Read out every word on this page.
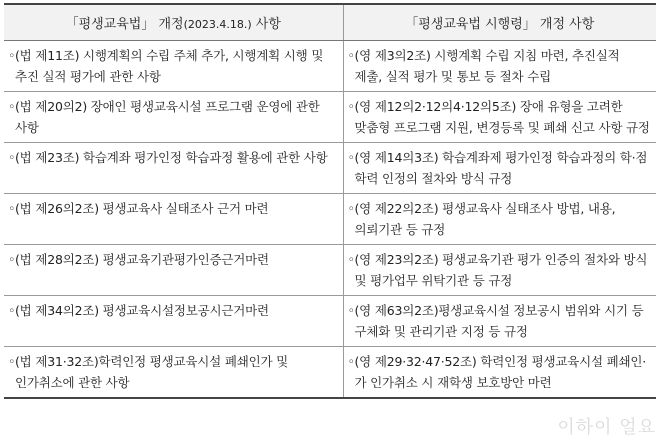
「평생교육법」 개정(2023.4.18.) 사항	「평생교육법 시행령」 개정 사항

◦ (법 제11조) 시행계획의 수립 주체 추가, 시행계획 시행 및 추진 실적 평가에 관한 사항	◦ (영 제3의2조) 시행계획 수립 지침 마련, 추진실적 제출, 실적 평가 및 통보 등 절차 수립

◦ (법 제20의2) 장애인 평생교육시설 프로그램 운영에 관한 사항	◦ (영 제12의2·12의4·12의5조) 장애 유형을 고려한 맞춤형 프로그램 지원, 변경등록 및 폐쇄 신고 사항 규정

◦ (법 제23조) 학습계좌 평가인정 학습과정 활용에 관한 사항	◦ (영 제14의3조) 학습계좌제 평가인정 학습과정의 학·점 학력 인정의 절차와 방식 규정

◦ (법 제26의2조) 평생교육사 실태조사 근거 마련	◦ (영 제22의2조) 평생교육사 실태조사 방법, 내용, 의뢰기관 등 규정

◦ (법 제28의2조) 평생교육기관평가인증근거마련	◦ (영 제23의2조) 평생교육기관 평가 인증의 절차와 방식 및 평가업무 위탁기관 등 규정

◦ (법 제34의2조) 평생교육시설정보공시근거마련	◦ (영 제63의2조)평생교육시설 정보공시 범위와 시기 등 구체화 및 관리기관 지정 등 규정

◦ (법 제31·32조)학력인정 평생교육시설 폐쇄인가 및 인가취소에 관한 사항	◦ (영 제29·32·47·52조) 학력인정 평생교육시설 폐쇄인·가 인가취소 시 재학생 보호방안 마련
이하이 얼요
